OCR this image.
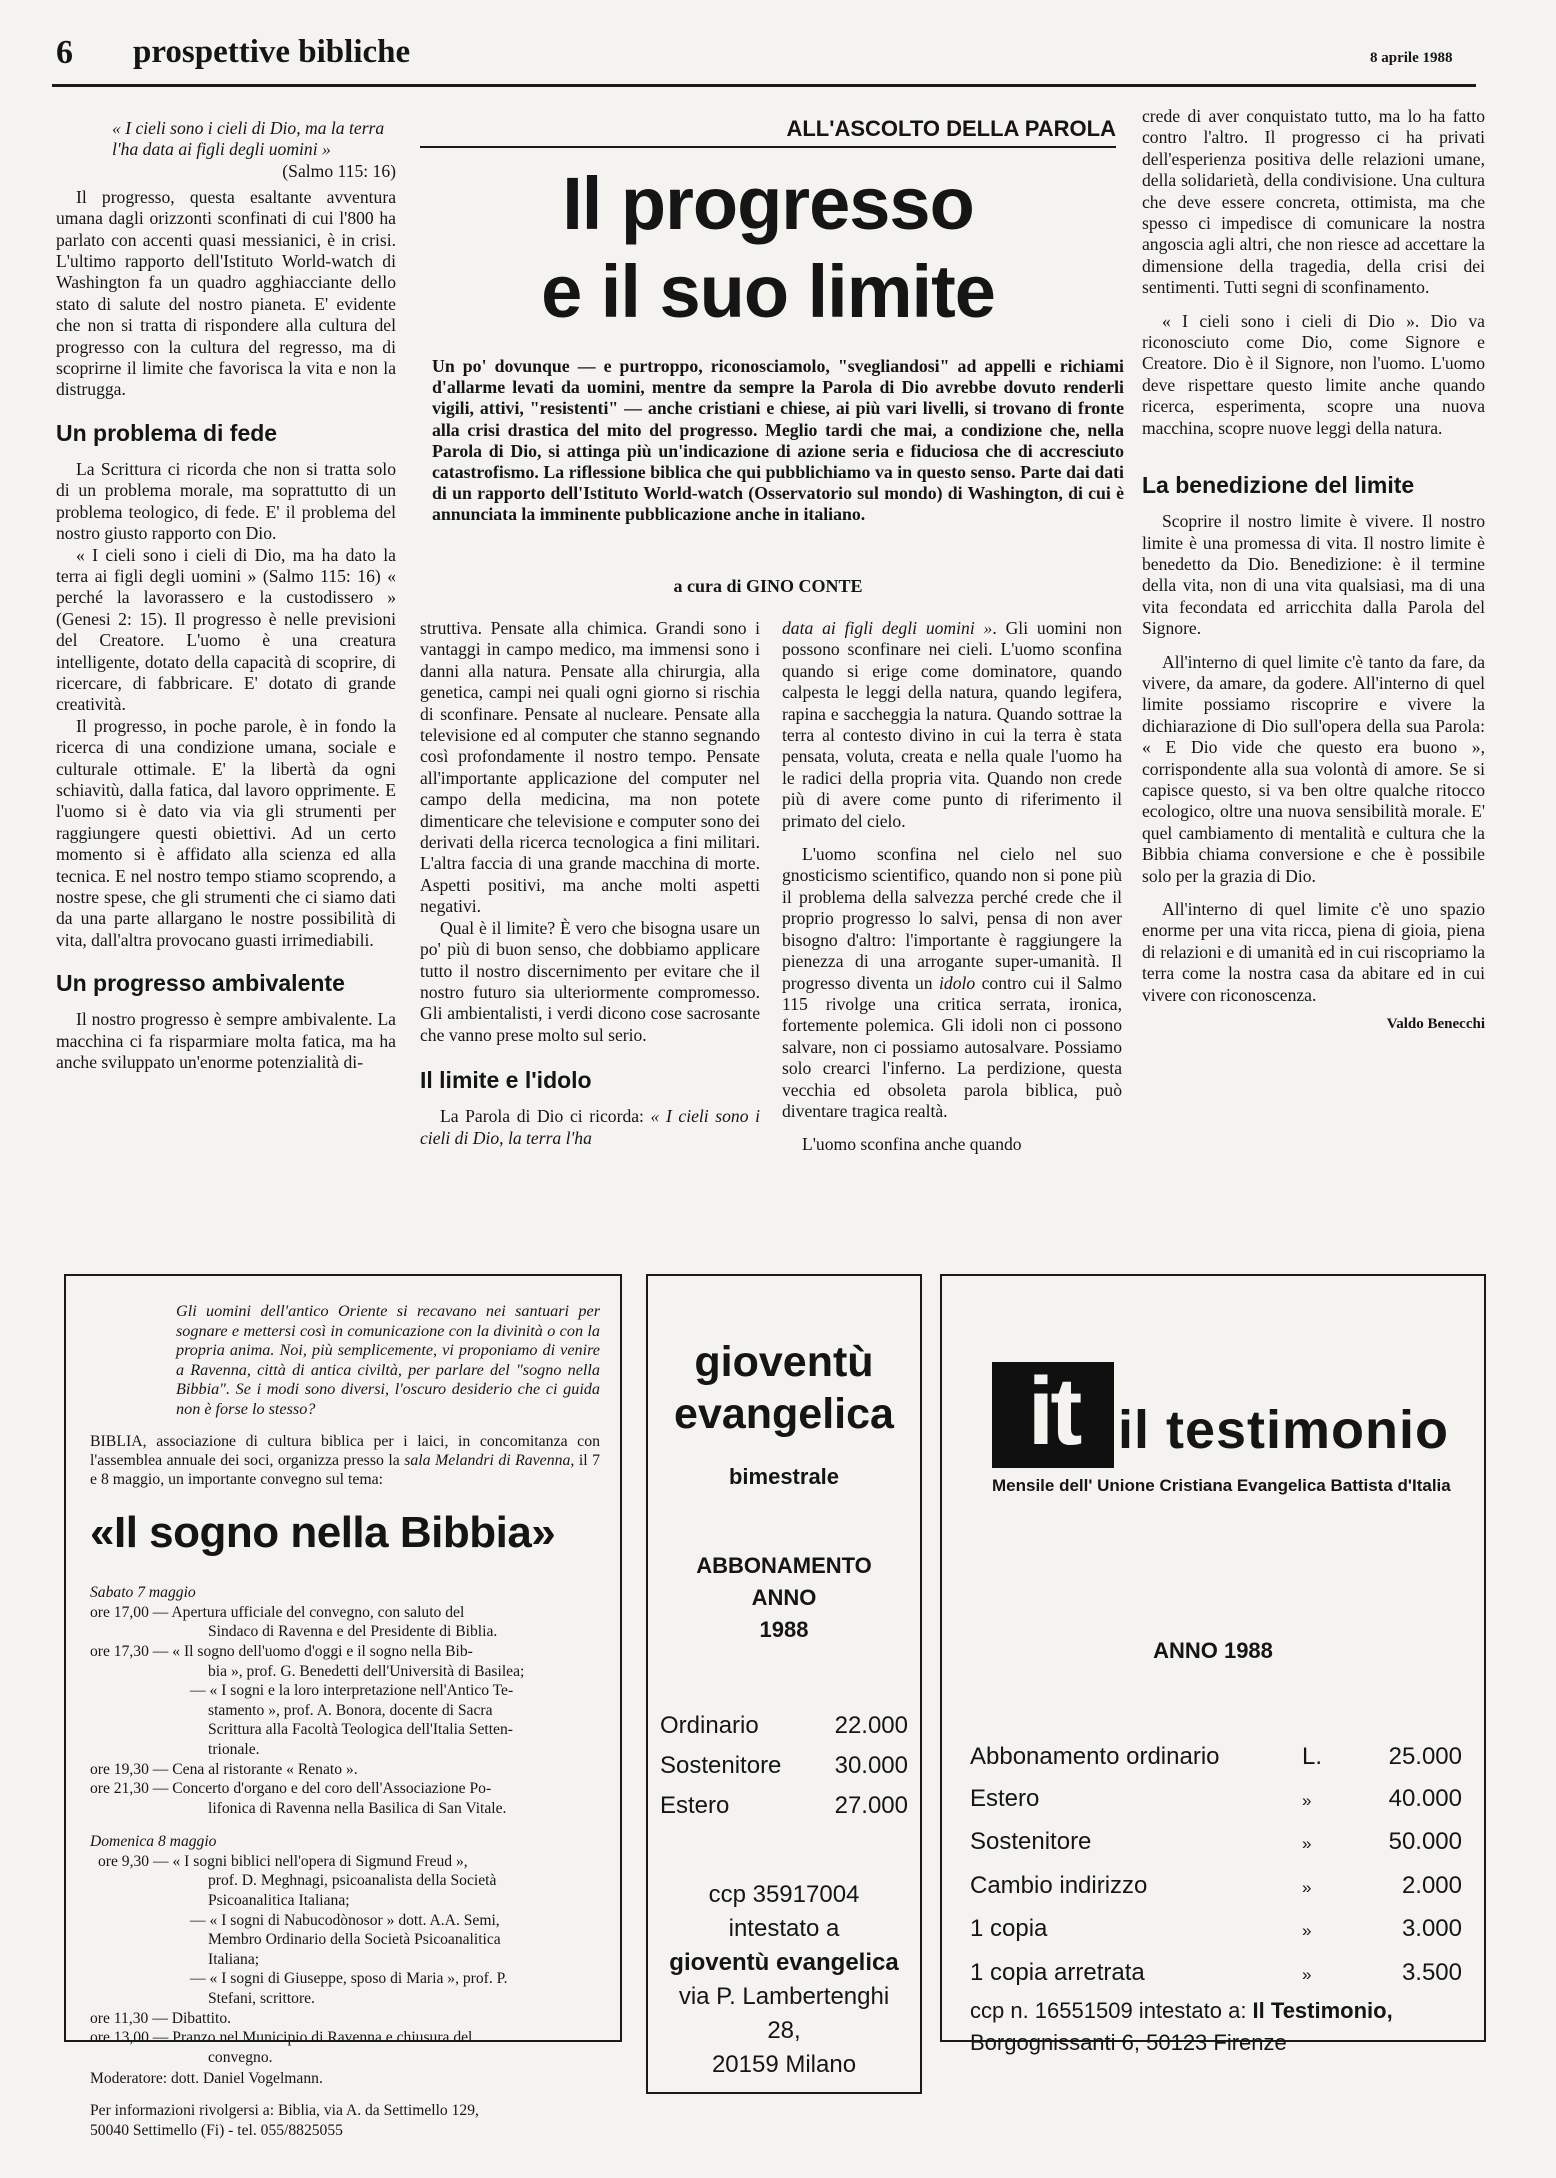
6 prospettive bibliche	8 aprile 1988
ALL'ASCOLTO DELLA PAROLA
Il progresso
e il suo limite
Un po' dovunque — e purtroppo, riconosciamolo, "svegliandosi" ad appelli e richiami d'allarme levati da uomini, mentre da sempre la Parola di Dio avrebbe dovuto renderli vigili, attivi, "resistenti" — anche cristiani e chiese, ai più vari livelli, si trovano di fronte alla crisi drastica del mito del progresso. Meglio tardi che mai, a condizione che, nella Parola di Dio, si attinga più un'indicazione di azione seria e fiduciosa che di accresciuto catastrofismo. La riflessione biblica che qui pubblichiamo va in questo senso. Parte dai dati di un rapporto dell'Istituto World-watch (Osservatorio sul mondo) di Washington, di cui è annunciata la imminente pubblicazione anche in italiano.
a cura di GINO CONTE
« I cieli sono i cieli di Dio, ma la terra l'ha data ai figli degli uomini »
(Salmo 115: 16)

Il progresso, questa esaltante avventura umana dagli orizzonti sconfinati di cui l'800 ha parlato con accenti quasi messianici, è in crisi. L'ultimo rapporto dell'Istituto World-watch di Washington fa un quadro agghiacciante dello stato di salute del nostro pianeta. E' evidente che non si tratta di rispondere alla cultura del progresso con la cultura del regresso, ma di scoprirne il limite che favorisca la vita e non la distrugga.

Un problema di fede

La Scrittura ci ricorda che non si tratta solo di un problema morale, ma soprattutto di un problema teologico, di fede. E' il problema del nostro giusto rapporto con Dio.

« I cieli sono i cieli di Dio, ma ha dato la terra ai figli degli uomini » (Salmo 115: 16) « perché la lavorassero e la custodissero » (Genesi 2: 15). Il progresso è nelle previsioni del Creatore. L'uomo è una creatura intelligente, dotato della capacità di scoprire, di ricercare, di fabbricare. E' dotato di grande creatività.

Il progresso, in poche parole, è in fondo la ricerca di una condizione umana, sociale e culturale ottimale. E' la libertà da ogni schiavitù, dalla fatica, dal lavoro opprimente. E l'uomo si è dato via via gli strumenti per raggiungere questi obiettivi. Ad un certo momento si è affidato alla scienza ed alla tecnica. E nel nostro tempo stiamo scoprendo, a nostre spese, che gli strumenti che ci siamo dati da una parte allargano le nostre possibilità di vita, dall'altra provocano guasti irrimediabili.

Un progresso ambivalente

Il nostro progresso è sempre ambivalente. La macchina ci fa risparmiare molta fatica, ma ha anche sviluppato un'enorme potenzialità di-

struttiva. Pensate alla chimica. Grandi sono i vantaggi in campo medico, ma immensi sono i danni alla natura. Pensate alla chirurgia, alla genetica, campi nei quali ogni giorno si rischia di sconfinare. Pensate al nucleare. Pensate alla televisione ed al computer che stanno segnando così profondamente il nostro tempo. Pensate all'importante applicazione del computer nel campo della medicina, ma non potete dimenticare che televisione e computer sono dei derivati della ricerca tecnologica a fini militari. L'altra faccia di una grande macchina di morte. Aspetti positivi, ma anche molti aspetti negativi.

Qual è il limite? È vero che bisogna usare un po' più di buon senso, che dobbiamo applicare tutto il nostro discernimento per evitare che il nostro futuro sia ulteriormente compromesso. Gli ambientalisti, i verdi dicono cose sacrosante che vanno prese molto sul serio.

Il limite e l'idolo

La Parola di Dio ci ricorda: « I cieli sono i cieli di Dio, la terra l'ha

data ai figli degli uomini ». Gli uomini non possono sconfinare nei cieli. L'uomo sconfina quando si erige come dominatore, quando calpesta le leggi della natura, quando legifera, rapina e saccheggia la natura. Quando sottrae la terra al contesto divino in cui la terra è stata pensata, voluta, creata e nella quale l'uomo ha le radici della propria vita. Quando non crede più di avere come punto di riferimento il primato del cielo.

L'uomo sconfina nel cielo nel suo gnosticismo scientifico, quando non si pone più il problema della salvezza perché crede che il proprio progresso lo salvi, pensa di non aver bisogno d'altro: l'importante è raggiungere la pienezza di una arrogante super-umanità. Il progresso diventa un idolo contro cui il Salmo 115 rivolge una critica serrata, ironica, fortemente polemica. Gli idoli non ci possono salvare, non ci possiamo autosalvare. Possiamo solo crearci l'inferno. La perdizione, questa vecchia ed obsoleta parola biblica, può diventare tragica realtà.

L'uomo sconfina anche quando

crede di aver conquistato tutto, ma lo ha fatto contro l'altro. Il progresso ci ha privati dell'esperienza positiva delle relazioni umane, della solidarietà, della condivisione. Una cultura che deve essere concreta, ottimista, ma che spesso ci impedisce di comunicare la nostra angoscia agli altri, che non riesce ad accettare la dimensione della tragedia, della crisi dei sentimenti. Tutti segni di sconfinamento.

« I cieli sono i cieli di Dio ». Dio va riconosciuto come Dio, come Signore e Creatore. Dio è il Signore, non l'uomo. L'uomo deve rispettare questo limite anche quando ricerca, esperimenta, scopre una nuova macchina, scopre nuove leggi della natura.

La benedizione del limite

Scoprire il nostro limite è vivere. Il nostro limite è una promessa di vita. Il nostro limite è benedetto da Dio. Benedizione: è il termine della vita, non di una vita qualsiasi, ma di una vita fecondata ed arricchita dalla Parola del Signore.

All'interno di quel limite c'è tanto da fare, da vivere, da amare, da godere. All'interno di quel limite possiamo riscoprire e vivere la dichiarazione di Dio sull'opera della sua Parola: « E Dio vide che questo era buono », corrispondente alla sua volontà di amore. Se si capisce questo, si va ben oltre qualche ritocco ecologico, oltre una nuova sensibilità morale. E' quel cambiamento di mentalità e cultura che la Bibbia chiama conversione e che è possibile solo per la grazia di Dio.

All'interno di quel limite c'è uno spazio enorme per una vita ricca, piena di gioia, piena di relazioni e di umanità ed in cui riscopriamo la terra come la nostra casa da abitare ed in cui vivere con riconoscenza.

Valdo Benecchi
Gli uomini dell'antico Oriente si recavano nei santuari per sognare e mettersi così in comunicazione con la divinità o con la propria anima. Noi, più semplicemente, vi proponiamo di venire a Ravenna, città di antica civiltà, per parlare del "sogno nella Bibbia". Se i modi sono diversi, l'oscuro desiderio che ci guida non è forse lo stesso?
BIBLIA, associazione di cultura biblica per i laici, in concomitanza con l'assemblea annuale dei soci, organizza presso la sala Melandri di Ravenna, il 7 e 8 maggio, un importante convegno sul tema:
«Il sogno nella Bibbia»
Sabato 7 maggio
ore 17,00 — Apertura ufficiale del convegno, con saluto del
Sindaco di Ravenna e del Presidente di Biblia.
ore 17,30 — « Il sogno dell'uomo d'oggi e il sogno nella Bib-
bia », prof. G. Benedetti dell'Università di Basilea;
— « I sogni e la loro interpretazione nell'Antico Te-
stamento », prof. A. Bonora, docente di Sacra
Scrittura alla Facoltà Teologica dell'Italia Setten-
trionale.
ore 19,30 — Cena al ristorante « Renato ».
ore 21,30 — Concerto d'organo e del coro dell'Associazione Po-
lifonica di Ravenna nella Basilica di San Vitale.
Domenica 8 maggio
ore 9,30 — « I sogni biblici nell'opera di Sigmund Freud »,
prof. D. Meghnagi, psicoanalista della Società
Psicoanalitica Italiana;
— « I sogni di Nabucodònosor » dott. A.A. Semi,
Membro Ordinario della Società Psicoanalitica
Italiana;
— « I sogni di Giuseppe, sposo di Maria », prof. P.
Stefani, scrittore.
ore 11,30 — Dibattito.
ore 13,00 — Pranzo nel Municipio di Ravenna e chiusura del
convegno.
Moderatore: dott. Daniel Vogelmann.
Per informazioni rivolgersi a: Biblia, via A. da Settimello 129,
50040 Settimello (Fi) - tel. 055/8825055
gioventù
evangelica
bimestrale
ABBONAMENTO
ANNO
1988
Ordinario	22.000
Sostenitore 30.000
Estero	27.000
ccp 35917004
intestato a
gioventù evangelica
via P. Lambertenghi
28,
20159 Milano
it il testimonio
Mensile dell' Unione Cristiana Evangelica Battista d'Italia
ANNO 1988
Abbonamento ordinario	L.	25.000
Estero	»	40.000
Sostenitore	»	50.000
Cambio indirizzo	»	2.000
1 copia	»	3.000
1 copia arretrata	»	3.500
ccp n. 16551509 intestato a: Il Testimonio,
Borgognissanti 6, 50123 Firenze
